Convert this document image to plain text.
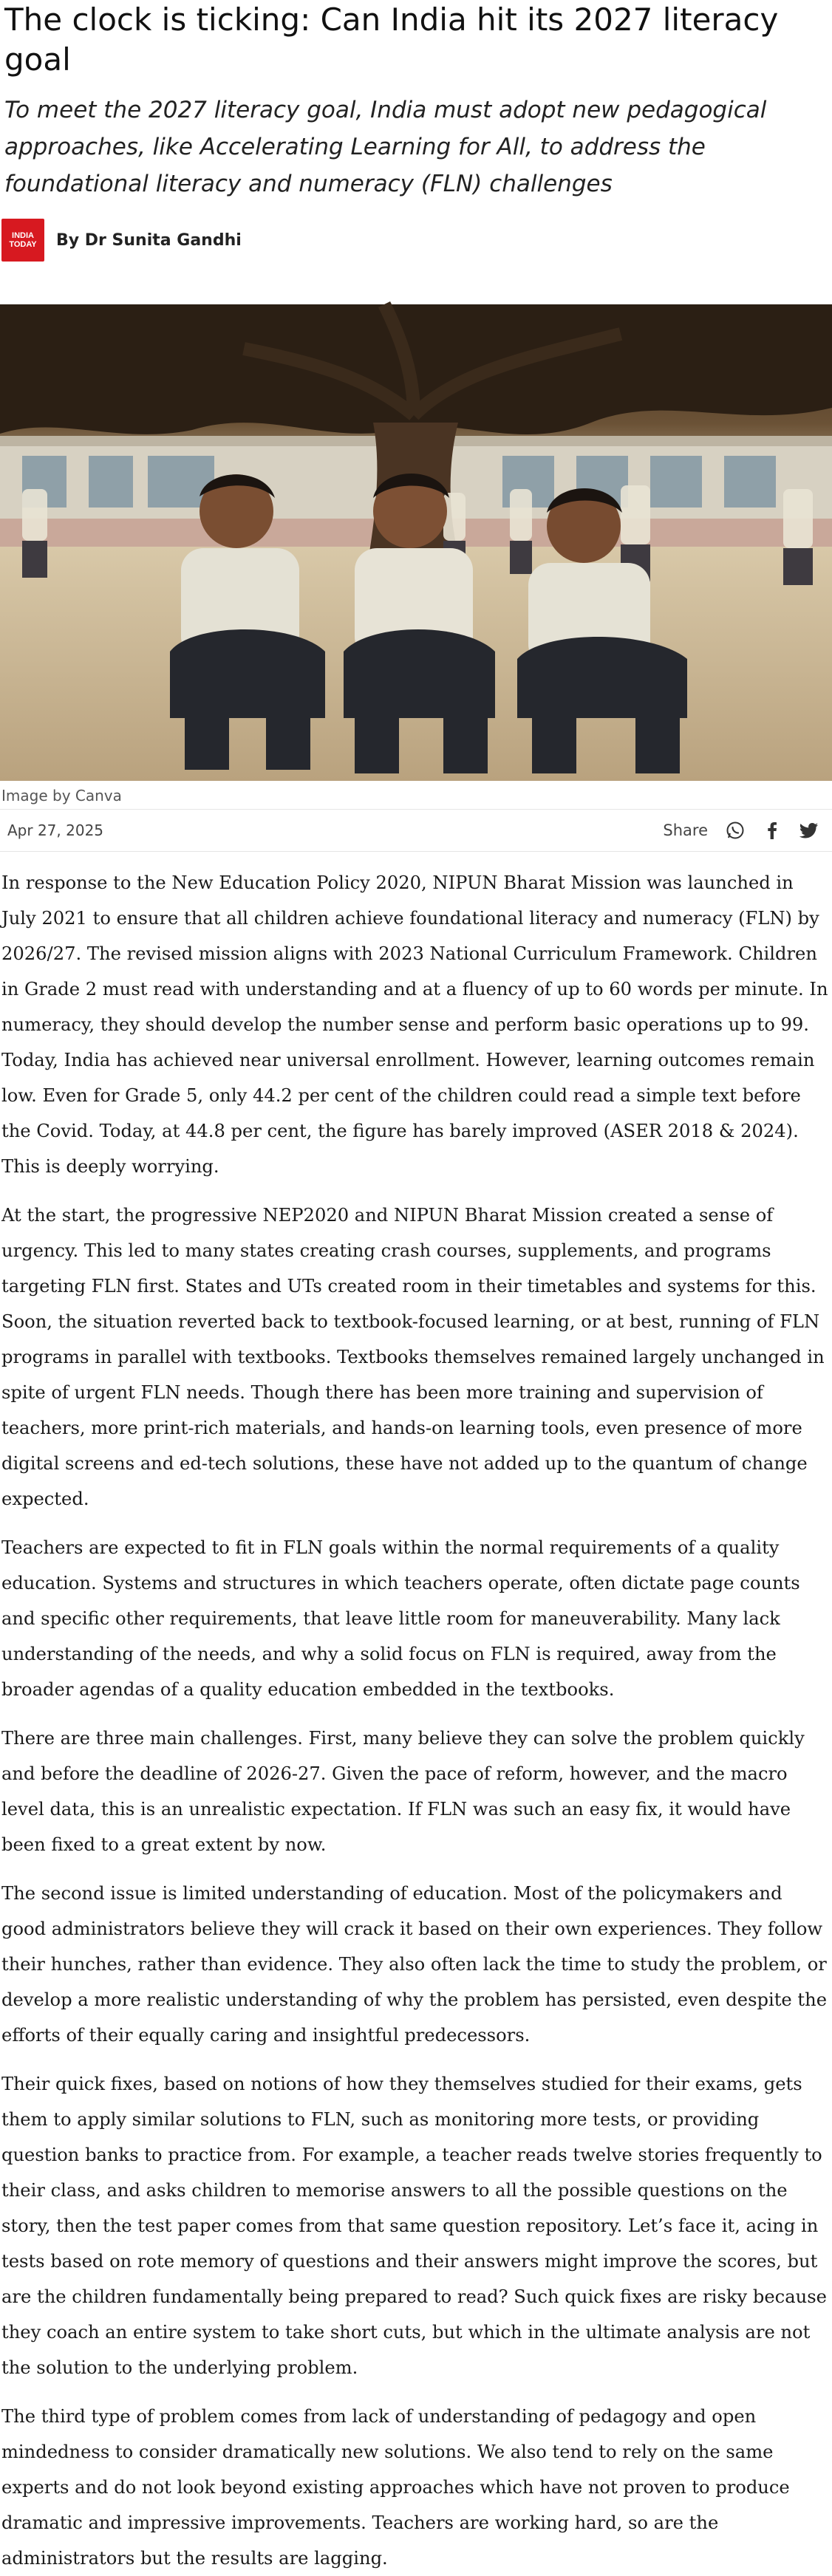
The clock is ticking: Can India hit its 2027 literacy goal

To meet the 2027 literacy goal, India must adopt new pedagogical approaches, like Accelerating Learning for All, to address the foundational literacy and numeracy (FLN) challenges

INDIA
TODAY By Dr Sunita Gandhi
Image by Canva
Apr 27, 2025	Share

In response to the New Education Policy 2020, NIPUN Bharat Mission was launched in July 2021 to ensure that all children achieve foundational literacy and numeracy (FLN) by 2026/27. The revised mission aligns with 2023 National Curriculum Framework. Children in Grade 2 must read with understanding and at a fluency of up to 60 words per minute. In numeracy, they should develop the number sense and perform basic operations up to 99. Today, India has achieved near universal enrollment. However, learning outcomes remain low. Even for Grade 5, only 44.2 per cent of the children could read a simple text before the Covid. Today, at 44.8 per cent, the figure has barely improved (ASER 2018 & 2024). This is deeply worrying.

At the start, the progressive NEP2020 and NIPUN Bharat Mission created a sense of urgency. This led to many states creating crash courses, supplements, and programs targeting FLN first. States and UTs created room in their timetables and systems for this. Soon, the situation reverted back to textbook-focused learning, or at best, running of FLN programs in parallel with textbooks. Textbooks themselves remained largely unchanged in spite of urgent FLN needs. Though there has been more training and supervision of teachers, more print-rich materials, and hands-on learning tools, even presence of more digital screens and ed-tech solutions, these have not added up to the quantum of change expected.

Teachers are expected to fit in FLN goals within the normal requirements of a quality education. Systems and structures in which teachers operate, often dictate page counts and specific other requirements, that leave little room for maneuverability. Many lack understanding of the needs, and why a solid focus on FLN is required, away from the broader agendas of a quality education embedded in the textbooks.

There are three main challenges. First, many believe they can solve the problem quickly and before the deadline of 2026-27. Given the pace of reform, however, and the macro level data, this is an unrealistic expectation. If FLN was such an easy fix, it would have been fixed to a great extent by now.

The second issue is limited understanding of education. Most of the policymakers and good administrators believe they will crack it based on their own experiences. They follow their hunches, rather than evidence. They also often lack the time to study the problem, or develop a more realistic understanding of why the problem has persisted, even despite the efforts of their equally caring and insightful predecessors.

Their quick fixes, based on notions of how they themselves studied for their exams, gets them to apply similar solutions to FLN, such as monitoring more tests, or providing question banks to practice from. For example, a teacher reads twelve stories frequently to their class, and asks children to memorise answers to all the possible questions on the story, then the test paper comes from that same question repository. Let’s face it, acing in tests based on rote memory of questions and their answers might improve the scores, but are the children fundamentally being prepared to read? Such quick fixes are risky because they coach an entire system to take short cuts, but which in the ultimate analysis are not the solution to the underlying problem.

The third type of problem comes from lack of understanding of pedagogy and open mindedness to consider dramatically new solutions. We also tend to rely on the same experts and do not look beyond existing approaches which have not proven to produce dramatic and impressive improvements. Teachers are working hard, so are the administrators but the results are lagging.
